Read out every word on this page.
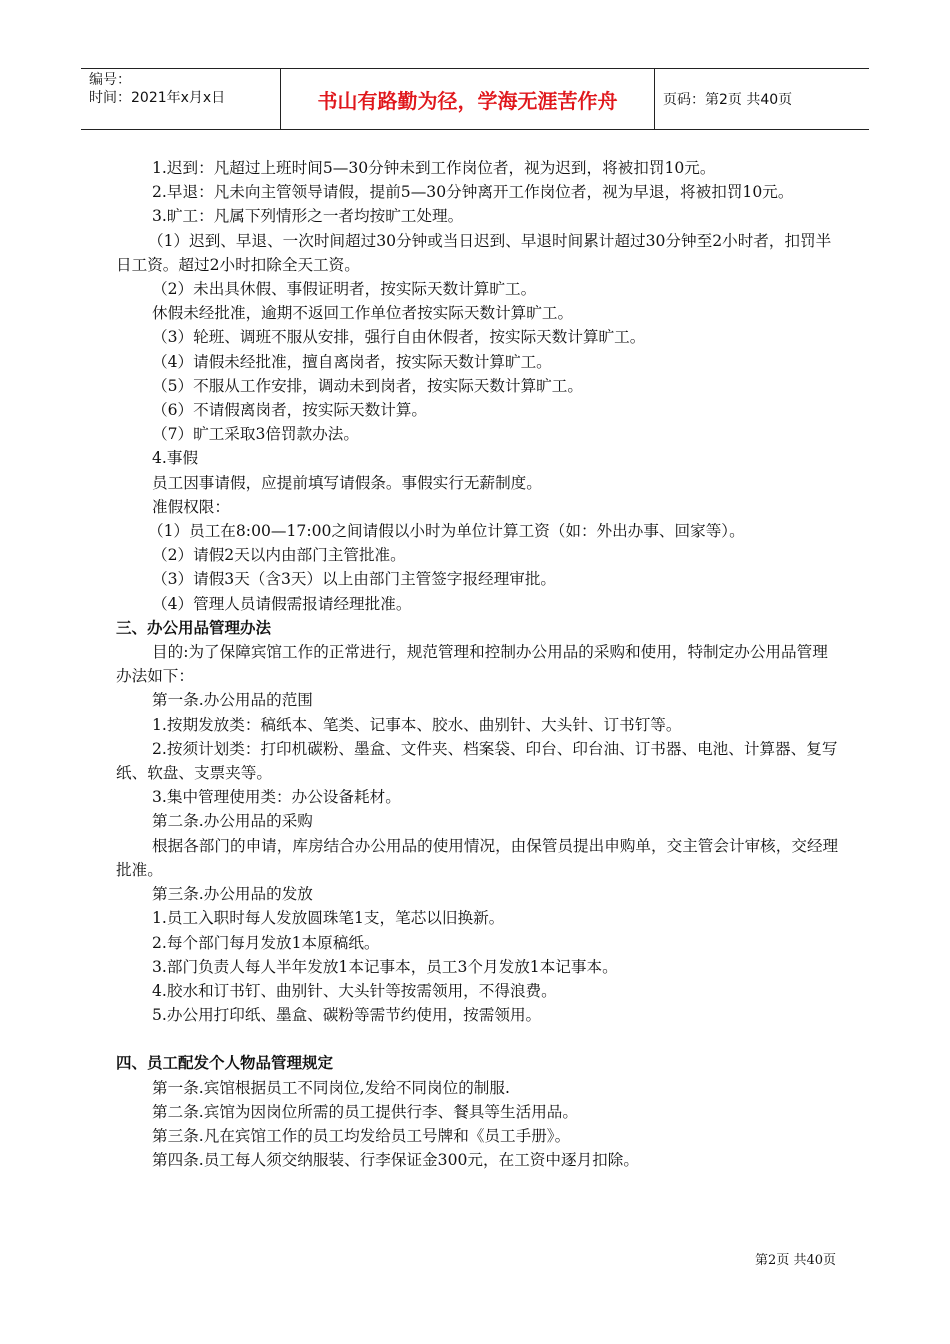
编号：
时间：2021年x月x日	书山有路勤为径，学海无涯苦作舟	页码：第2页 共40页

1.迟到：凡超过上班时间5—30分钟未到工作岗位者，视为迟到，将被扣罚10元。

2.早退：凡未向主管领导请假，提前5—30分钟离开工作岗位者，视为早退，将被扣罚10元。

3.旷工：凡属下列情形之一者均按旷工处理。

（1）迟到、早退、一次时间超过30分钟或当日迟到、早退时间累计超过30分钟至2小时者，扣罚半日工资。超过2小时扣除全天工资。

（2）未出具休假、事假证明者，按实际天数计算旷工。

休假未经批准，逾期不返回工作单位者按实际天数计算旷工。

（3）轮班、调班不服从安排，强行自由休假者，按实际天数计算旷工。

（4）请假未经批准，擅自离岗者，按实际天数计算旷工。

（5）不服从工作安排，调动未到岗者，按实际天数计算旷工。

（6）不请假离岗者，按实际天数计算。

（7）旷工采取3倍罚款办法。

4.事假

员工因事请假，应提前填写请假条。事假实行无薪制度。

准假权限：

（1）员工在8:00—17:00之间请假以小时为单位计算工资（如：外出办事、回家等）。

（2）请假2天以内由部门主管批准。

（3）请假3天（含3天）以上由部门主管签字报经理审批。

（4）管理人员请假需报请经理批准。

三、办公用品管理办法

目的:为了保障宾馆工作的正常进行，规范管理和控制办公用品的采购和使用，特制定办公用品管理办法如下：

第一条.办公用品的范围

1.按期发放类：稿纸本、笔类、记事本、胶水、曲别针、大头针、订书钉等。

2.按须计划类：打印机碳粉、墨盒、文件夹、档案袋、印台、印台油、订书器、电池、计算器、复写纸、软盘、支票夹等。

3.集中管理使用类：办公设备耗材。

第二条.办公用品的采购

根据各部门的申请，库房结合办公用品的使用情况，由保管员提出申购单，交主管会计审核，交经理批准。

第三条.办公用品的发放

1.员工入职时每人发放圆珠笔1支，笔芯以旧换新。

2.每个部门每月发放1本原稿纸。

3.部门负责人每人半年发放1本记事本，员工3个月发放1本记事本。

4.胶水和订书钉、曲别针、大头针等按需领用，不得浪费。

5.办公用打印纸、墨盒、碳粉等需节约使用，按需领用。

四、员工配发个人物品管理规定

第一条.宾馆根据员工不同岗位,发给不同岗位的制服.

第二条.宾馆为因岗位所需的员工提供行李、餐具等生活用品。

第三条.凡在宾馆工作的员工均发给员工号牌和《员工手册》。

第四条.员工每人须交纳服装、行李保证金300元，在工资中逐月扣除。

第2页 共40页
